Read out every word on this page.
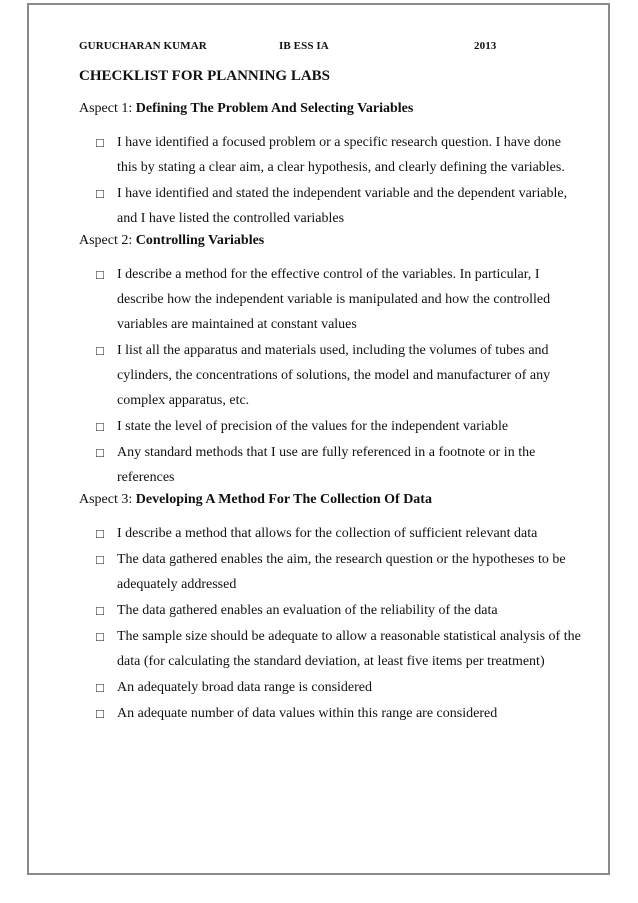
GURUCHARAN KUMAR	IB ESS IA	2013

CHECKLIST FOR PLANNING LABS

Aspect 1: Defining The Problem And Selecting Variables

□ I have identified a focused problem or a specific research question. I have done this by stating a clear aim, a clear hypothesis, and clearly defining the variables.
□ I have identified and stated the independent variable and the dependent variable, and I have listed the controlled variables

Aspect 2: Controlling Variables

□ I describe a method for the effective control of the variables. In particular, I describe how the independent variable is manipulated and how the controlled variables are maintained at constant values
□ I list all the apparatus and materials used, including the volumes of tubes and cylinders, the concentrations of solutions, the model and manufacturer of any complex apparatus, etc.
□ I state the level of precision of the values for the independent variable
□ Any standard methods that I use are fully referenced in a footnote or in the references

Aspect 3: Developing A Method For The Collection Of Data

□ I describe a method that allows for the collection of sufficient relevant data
□ The data gathered enables the aim, the research question or the hypotheses to be adequately addressed
□ The data gathered enables an evaluation of the reliability of the data
□ The sample size should be adequate to allow a reasonable statistical analysis of the data (for calculating the standard deviation, at least five items per treatment)
□ An adequately broad data range is considered
□ An adequate number of data values within this range are considered
